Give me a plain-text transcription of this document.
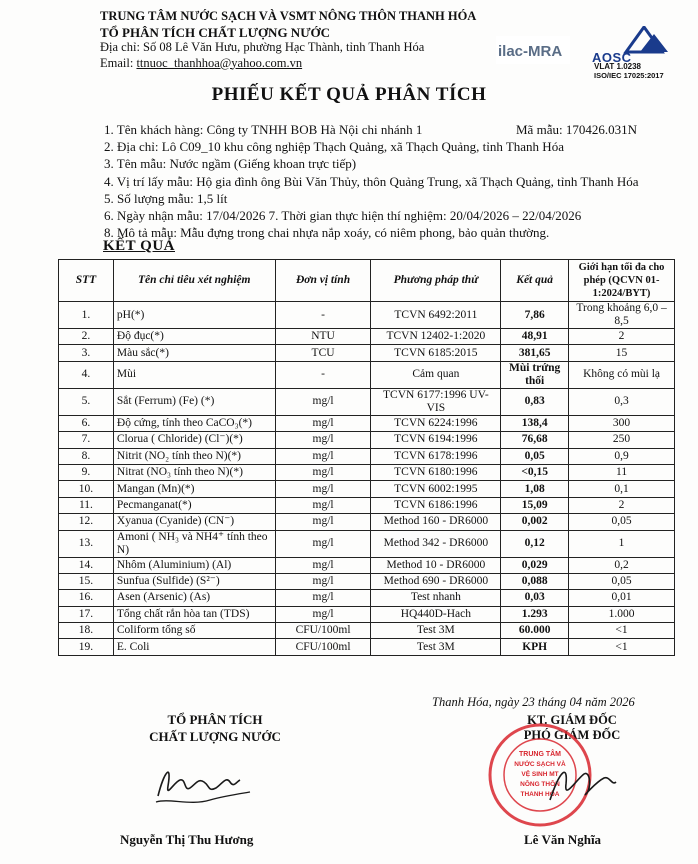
TRUNG TÂM NƯỚC SẠCH VÀ VSMT NÔNG THÔN THANH HÓA
TỔ PHÂN TÍCH CHẤT LƯỢNG NƯỚC
Địa chỉ: Số 08 Lê Văn Hưu, phường Hạc Thành, tỉnh Thanh Hóa
Email: ttnuoc_thanhhoa@yahoo.com.vn
ilac-MRA AOSC
VLAT 1.0238
ISO/IEC 17025:2017
PHIẾU KẾT QUẢ PHÂN TÍCH
1. Tên khách hàng: Công ty TNHH BOB Hà Nội chi nhánh 1	Mã mẫu: 170426.031N
2. Địa chỉ: Lô C09_10 khu công nghiệp Thạch Quảng, xã Thạch Quảng, tỉnh Thanh Hóa
3. Tên mẫu: Nước ngầm (Giếng khoan trực tiếp)
4. Vị trí lấy mẫu: Hộ gia đình ông Bùi Văn Thủy, thôn Quảng Trung, xã Thạch Quảng, tỉnh Thanh Hóa
5. Số lượng mẫu: 1,5 lít
6. Ngày nhận mẫu: 17/04/2026 7. Thời gian thực hiện thí nghiệm: 20/04/2026 – 22/04/2026
8. Mô tả mẫu: Mẫu đựng trong chai nhựa nắp xoáy, có niêm phong, bảo quản thường.
KẾT QUẢ
STT	Tên chỉ tiêu xét nghiệm	Đơn vị tính	Phương pháp thử	Kết quả	Giới hạn tối đa cho phép (QCVN 01-1:2024/BYT)
1.	pH(*)	-	TCVN 6492:2011	7,86	Trong khoảng 6,0 – 8,5
2.	Độ đục(*)	NTU	TCVN 12402-1:2020	48,91	2
3.	Màu sắc(*)	TCU	TCVN 6185:2015	381,65	15
4.	Mùi	-	Cảm quan	Mùi trứng thối	Không có mùi lạ
5.	Sắt (Ferrum) (Fe) (*)	mg/l	TCVN 6177:1996 UV-VIS	0,83	0,3
6.	Độ cứng, tính theo CaCO₃(*)	mg/l	TCVN 6224:1996	138,4	300
7.	Clorua ( Chloride) (Cl⁻)(*)	mg/l	TCVN 6194:1996	76,68	250
8.	Nitrit (NO₂ tính theo N)(*)	mg/l	TCVN 6178:1996	0,05	0,9
9.	Nitrat (NO₃ tính theo N)(*)	mg/l	TCVN 6180:1996	<0,15	11
10.	Mangan (Mn)(*)	mg/l	TCVN 6002:1995	1,08	0,1
11.	Pecmanganat(*)	mg/l	TCVN 6186:1996	15,09	2
12.	Xyanua (Cyanide) (CN⁻)	mg/l	Method 160 - DR6000	0,002	0,05
13.	Amoni ( NH₃ và NH4⁺ tính theo N)	mg/l	Method 342 - DR6000	0,12	1
14.	Nhôm (Aluminium) (Al)	mg/l	Method 10 - DR6000	0,029	0,2
15.	Sunfua (Sulfide) (S²⁻)	mg/l	Method 690 - DR6000	0,088	0,05
16.	Asen (Arsenic) (As)	mg/l	Test nhanh	0,03	0,01
17.	Tổng chất rắn hòa tan (TDS)	mg/l	HQ440D-Hach	1.293	1.000
18.	Coliform tổng số	CFU/100ml	Test 3M	60.000	<1
19.	E. Coli	CFU/100ml	Test 3M	KPH	<1
Thanh Hóa, ngày 23 tháng 04 năm 2026
TỔ PHÂN TÍCH
CHẤT LƯỢNG NƯỚC
Nguyễn Thị Thu Hương
KT. GIÁM ĐỐC
PHÓ GIÁM ĐỐC
TRUNG TÂM
NƯỚC SẠCH VÀ
VỆ SINH MT
NÔNG THÔN
THANH HÓA
Lê Văn Nghĩa
